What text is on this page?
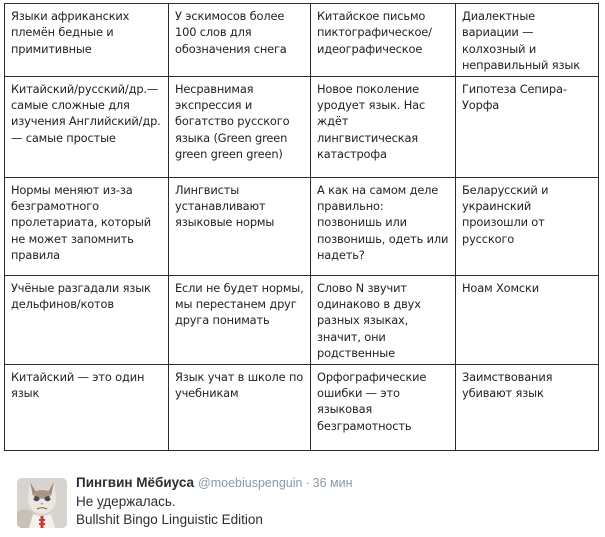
Языки африканских племён бедные и примитивные	У эскимосов более 100 слов для обозначения снега	Китайское письмо пиктографическое/ идеографическое	Диалектные вариации — колхозный и неправильный язык
Китайский/русский/др.— самые сложные для изучения Английский/др. — самые простые	Несравнимая экспрессия и богатство русского языка (Green green green green green)	Новое поколение уродует язык. Нас ждёт лингвистическая катастрофа	Гипотеза Сепира-Уорфа
Нормы меняют из-за безграмотного пролетариата, который не может запомнить правила	Лингвисты устанавливают языковые нормы	А как на самом деле правильно: позвонишь или позвонишь, одеть или надеть?	Беларусский и украинский произошли от русского
Учёные разгадали язык дельфинов/котов	Если не будет нормы, мы перестанем друг друга понимать	Слово N звучит одинаково в двух разных языках, значит, они родственные	Ноам Хомски
Китайский — это один язык	Язык учат в школе по учебникам	Орфографические ошибки — это языковая безграмотность	Заимствования убивают язык
Пингвин Мёбиуса @moebiuspenguin · 36 мин
Не удержалась.
Bullshit Bingo Linguistic Edition
